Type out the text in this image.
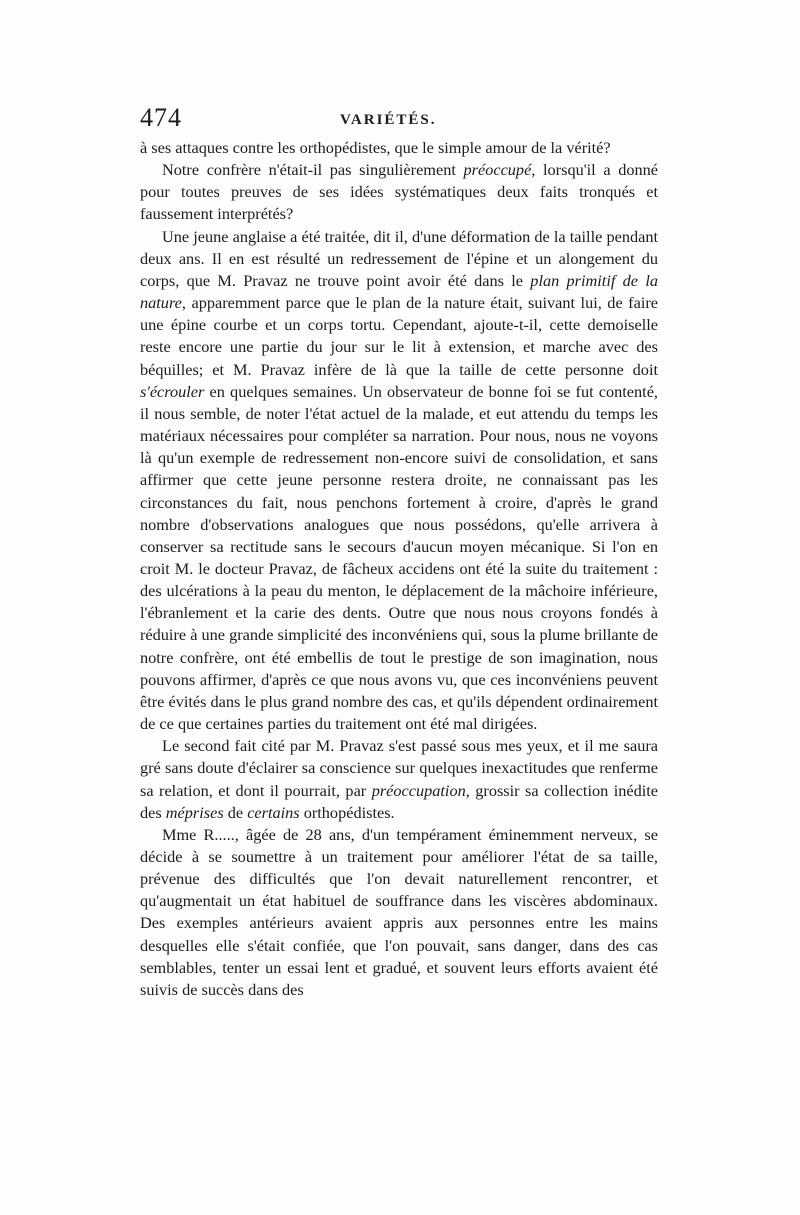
474	VARIÉTÉS.

à ses attaques contre les orthopédistes, que le simple amour de la vérité?

Notre confrère n'était-il pas singulièrement préoccupé, lorsqu'il a donné pour toutes preuves de ses idées systématiques deux faits tronqués et faussement interprétés?

Une jeune anglaise a été traitée, dit il, d'une déformation de la taille pendant deux ans. Il en est résulté un redressement de l'épine et un alongement du corps, que M. Pravaz ne trouve point avoir été dans le plan primitif de la nature, apparemment parce que le plan de la nature était, suivant lui, de faire une épine courbe et un corps tortu. Cependant, ajoute-t-il, cette demoiselle reste encore une partie du jour sur le lit à extension, et marche avec des béquilles; et M. Pravaz infère de là que la taille de cette personne doit s'écrouler en quelques semaines. Un observateur de bonne foi se fut contenté, il nous semble, de noter l'état actuel de la malade, et eut attendu du temps les matériaux nécessaires pour compléter sa narration. Pour nous, nous ne voyons là qu'un exemple de redressement non-encore suivi de consolidation, et sans affirmer que cette jeune personne restera droite, ne connaissant pas les circonstances du fait, nous penchons fortement à croire, d'après le grand nombre d'observations analogues que nous possédons, qu'elle arrivera à conserver sa rectitude sans le secours d'aucun moyen mécanique. Si l'on en croit M. le docteur Pravaz, de fâcheux accidens ont été la suite du traitement : des ulcérations à la peau du menton, le déplacement de la mâchoire inférieure, l'ébranlement et la carie des dents. Outre que nous nous croyons fondés à réduire à une grande simplicité des inconvéniens qui, sous la plume brillante de notre confrère, ont été embellis de tout le prestige de son imagination, nous pouvons affirmer, d'après ce que nous avons vu, que ces inconvéniens peuvent être évités dans le plus grand nombre des cas, et qu'ils dépendent ordinairement de ce que certaines parties du traitement ont été mal dirigées.

Le second fait cité par M. Pravaz s'est passé sous mes yeux, et il me saura gré sans doute d'éclairer sa conscience sur quelques inexactitudes que renferme sa relation, et dont il pourrait, par préoccupation, grossir sa collection inédite des méprises de certains orthopédistes.

Mme R....., âgée de 28 ans, d'un tempérament éminemment nerveux, se décide à se soumettre à un traitement pour améliorer l'état de sa taille, prévenue des difficultés que l'on devait naturellement rencontrer, et qu'augmentait un état habituel de souffrance dans les viscères abdominaux. Des exemples antérieurs avaient appris aux personnes entre les mains desquelles elle s'était confiée, que l'on pouvait, sans danger, dans des cas semblables, tenter un essai lent et gradué, et souvent leurs efforts avaient été suivis de succès dans des
